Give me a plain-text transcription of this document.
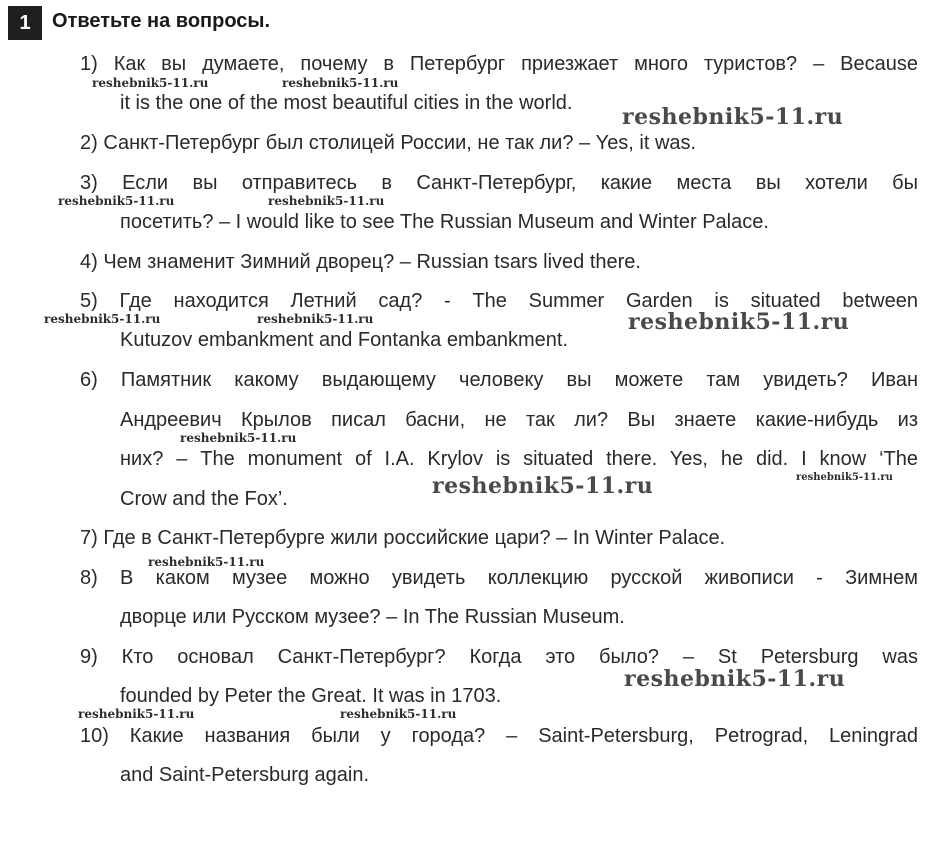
1	Ответьте на вопросы.
1) Как вы думаете, почему в Петербург приезжает много туристов? – Because
it is the one of the most beautiful cities in the world.
2) Санкт-Петербург был столицей России, не так ли? – Yes, it was.
3) Если вы отправитесь в Санкт-Петербург, какие места вы хотели бы
посетить? – I would like to see The Russian Museum and Winter Palace.
4) Чем знаменит Зимний дворец? – Russian tsars lived there.
5) Где находится Летний сад? - The Summer Garden is situated between
Kutuzov embankment and Fontanka embankment.
6) Памятник какому выдающему человеку вы можете там увидеть? Иван
Андреевич Крылов писал басни, не так ли? Вы знаете какие-нибудь из
них? – The monument of I.A. Krylov is situated there. Yes, he did. I know ‘The
Crow and the Fox’.
7) Где в Санкт-Петербурге жили российские цари? – In Winter Palace.
8) В каком музее можно увидеть коллекцию русской живописи - Зимнем
дворце или Русском музее? – In The Russian Museum.
9) Кто основал Санкт-Петербург? Когда это было? – St Petersburg was
founded by Peter the Great. It was in 1703.
10) Какие названия были у города? – Saint-Petersburg, Petrograd, Leningrad
and Saint-Petersburg again.
reshebnik5-11.ru	reshebnik5-11.ru
reshebnik5-11.ru
reshebnik5-11.ru	reshebnik5-11.ru
reshebnik5-11.ru	reshebnik5-11.ru	reshebnik5-11.ru
reshebnik5-11.ru
reshebnik5-11.ru	reshebnik5-11.ru
reshebnik5-11.ru
reshebnik5-11.ru
reshebnik5-11.ru	reshebnik5-11.ru
